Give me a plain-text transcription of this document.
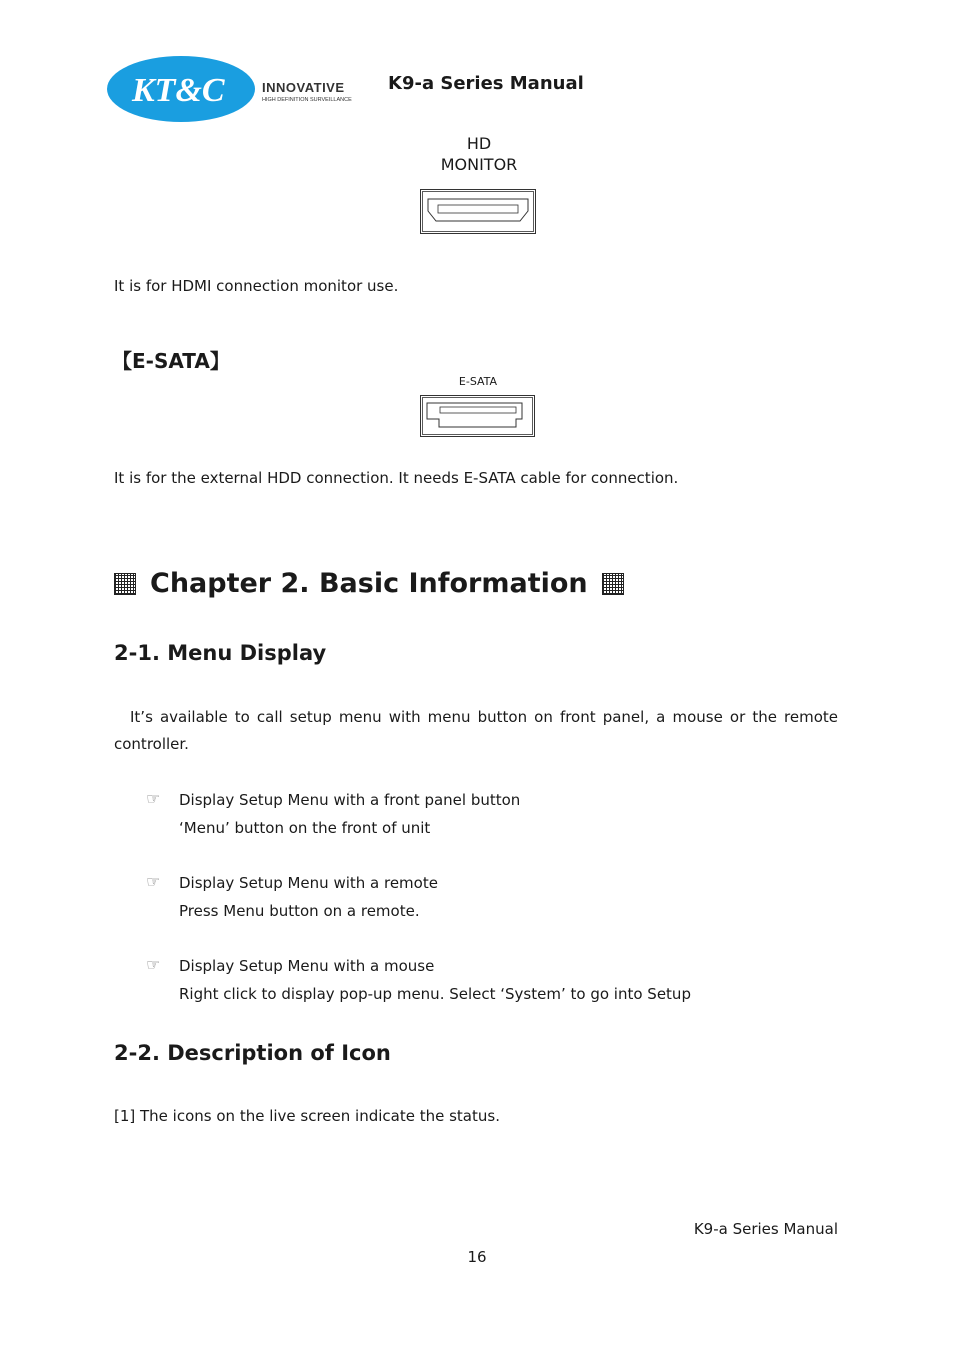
KT&C	INNOVATIVE
HIGH DEFINITION SURVEILLANCE
K9-a Series Manual
HD
MONITOR
It is for HDMI connection monitor use.
【E-SATA】
E-SATA
It is for the external HDD connection. It needs E-SATA cable for connection.
Chapter 2. Basic Information
2-1. Menu Display
It’s available to call setup menu with menu button on front panel, a mouse or the remote
controller.
☞ Display Setup Menu with a front panel button
‘Menu’ button on the front of unit
☞ Display Setup Menu with a remote
Press Menu button on a remote.
☞ Display Setup Menu with a mouse
Right click to display pop-up menu. Select ‘System’ to go into Setup
2-2. Description of Icon
[1] The icons on the live screen indicate the status.
K9-a Series Manual
16
